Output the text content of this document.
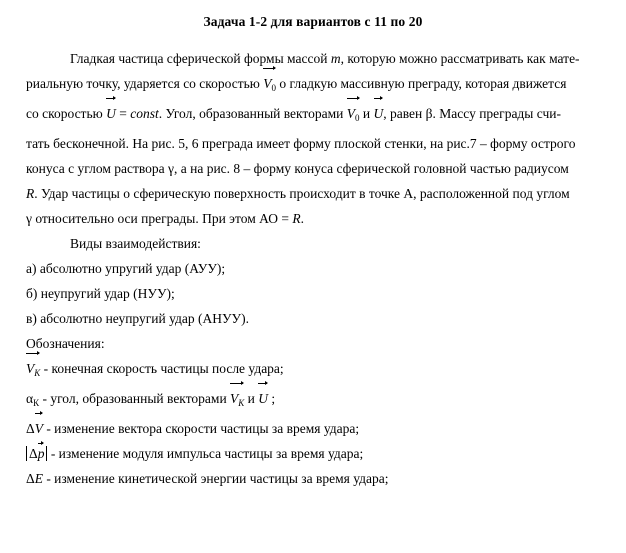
Задача 1-2 для вариантов с 11 по 20
Гладкая частица сферической формы массой m, которую можно рассматривать как мате-
риальную точку, ударяется со скоростью
$V_0$ о гладкую массивную преграду, которая движется
со скоростью
U = const. Угол, образованный векторами
$V_0$ и
U, равен β. Массу преграды счи-
тать бесконечной. На рис. 5, 6 преграда имеет форму плоской стенки, на рис.7 – форму острого
конуса с углом раствора γ, а на рис. 8 – форму конуса сферической головной частью радиусом
R. Удар частицы о сферическую поверхность происходит в точке А, расположенной под углом
γ относительно оси преграды. При этом АО = R.
Виды взаимодействия:
а) абсолютно упругий удар (АУУ);
б) неупругий удар (НУУ);
в) абсолютно неупругий удар (АНУУ).
Обозначения:
$V_К$ - конечная скорость частицы после удара;
$\alpha_К$ - угол, образованный векторами
$V_К$ и
U ;
Δ
V - изменение вектора скорости частицы за время удара;
Δ
p - изменение модуля импульса частицы за время удара;
ΔE - изменение кинетической энергии частицы за время удара;
